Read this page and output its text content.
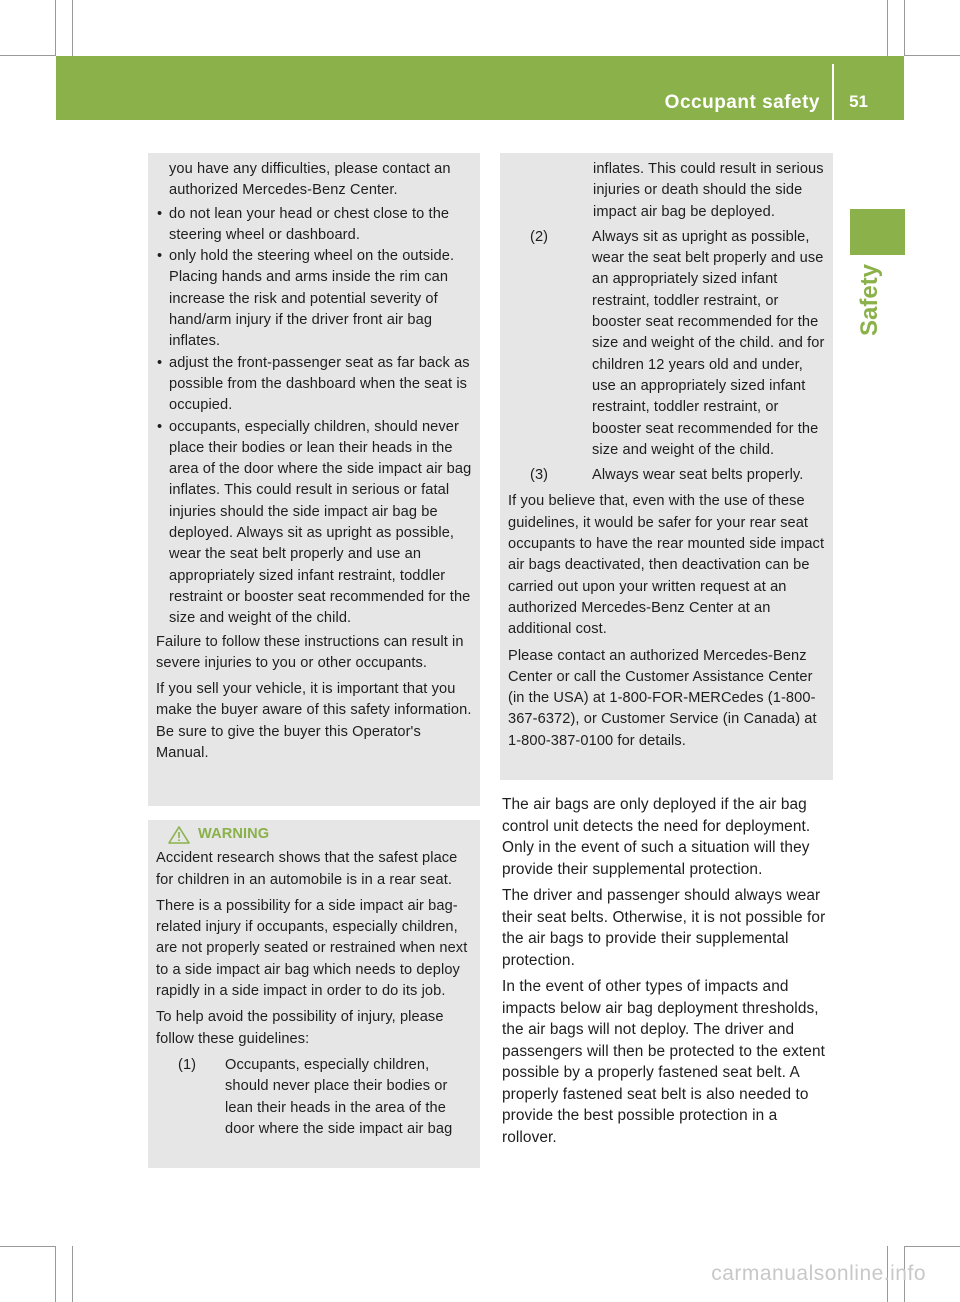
Occupant safety 51
Safety
you have any difficulties, please contact an authorized Mercedes-Benz Center.
• do not lean your head or chest close to the steering wheel or dashboard.
• only hold the steering wheel on the outside. Placing hands and arms inside the rim can increase the risk and potential severity of hand/arm injury if the driver front air bag inflates.
• adjust the front-passenger seat as far back as possible from the dashboard when the seat is occupied.
• occupants, especially children, should never place their bodies or lean their heads in the area of the door where the side impact air bag inflates. This could result in serious or fatal injuries should the side impact air bag be deployed. Always sit as upright as possible, wear the seat belt properly and use an appropriately sized infant restraint, toddler restraint or booster seat recommended for the size and weight of the child.

Failure to follow these instructions can result in severe injuries to you or other occupants.

If you sell your vehicle, it is important that you make the buyer aware of this safety information. Be sure to give the buyer this Operator's Manual.

WARNING

Accident research shows that the safest place for children in an automobile is in a rear seat.

There is a possibility for a side impact air bag-related injury if occupants, especially children, are not properly seated or restrained when next to a side impact air bag which needs to deploy rapidly in a side impact in order to do its job.

To help avoid the possibility of injury, please follow these guidelines:

(1)	Occupants, especially children, should never place their bodies or lean their heads in the area of the door where the side impact air bag
inflates. This could result in serious injuries or death should the side impact air bag be deployed.
(2)	Always sit as upright as possible, wear the seat belt properly and use an appropriately sized infant restraint, toddler restraint, or booster seat recommended for the size and weight of the child. and for children 12 years old and under, use an appropriately sized infant restraint, toddler restraint, or booster seat recommended for the size and weight of the child.
(3)	Always wear seat belts properly.

If you believe that, even with the use of these guidelines, it would be safer for your rear seat occupants to have the rear mounted side impact air bags deactivated, then deactivation can be carried out upon your written request at an authorized Mercedes-Benz Center at an additional cost.

Please contact an authorized Mercedes-Benz Center or call the Customer Assistance Center (in the USA) at 1-800-FOR-MERCedes (1-800-367-6372), or Customer Service (in Canada) at 1-800-387-0100 for details.

The air bags are only deployed if the air bag control unit detects the need for deployment. Only in the event of such a situation will they provide their supplemental protection.

The driver and passenger should always wear their seat belts. Otherwise, it is not possible for the air bags to provide their supplemental protection.

In the event of other types of impacts and impacts below air bag deployment thresholds, the air bags will not deploy. The driver and passengers will then be protected to the extent possible by a properly fastened seat belt. A properly fastened seat belt is also needed to provide the best possible protection in a rollover.

carmanualsonline.info
